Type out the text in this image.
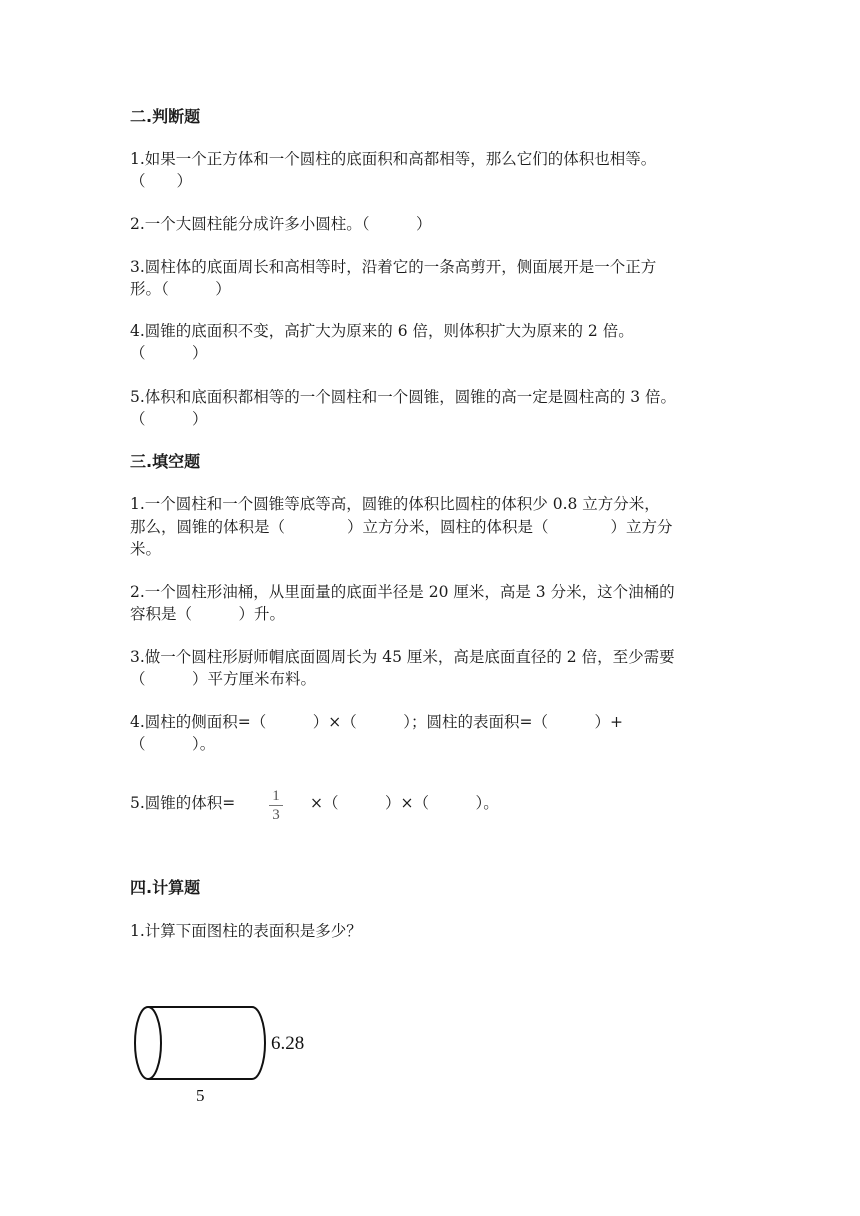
二.判断题
1.如果一个正方体和一个圆柱的底面积和高都相等，那么它们的体积也相等。
（　　）
2.一个大圆柱能分成许多小圆柱。（　　　）
3.圆柱体的底面周长和高相等时，沿着它的一条高剪开，侧面展开是一个正方
形。（　　　）
4.圆锥的底面积不变，高扩大为原来的 6 倍，则体积扩大为原来的 2 倍。
（　　　）
5.体积和底面积都相等的一个圆柱和一个圆锥，圆锥的高一定是圆柱高的 3 倍。
（　　　）
三.填空题
1.一个圆柱和一个圆锥等底等高，圆锥的体积比圆柱的体积少 0.8 立方分米，
那么，圆锥的体积是（　　　　）立方分米，圆柱的体积是（　　　　）立方分
米。
2.一个圆柱形油桶，从里面量的底面半径是 20 厘米，高是 3 分米，这个油桶的
容积是（　　　）升。
3.做一个圆柱形厨师帽底面圆周长为 45 厘米，高是底面直径的 2 倍，至少需要
（　　　）平方厘米布料。
4.圆柱的侧面积=（　　　）×（　　　）；圆柱的表面积=（　　　）+
（　　　）。
5.圆锥的体积= 1
3
×（　　　）×（　　　）。
四.计算题
1.计算下面图柱的表面积是多少？
6.28
5
